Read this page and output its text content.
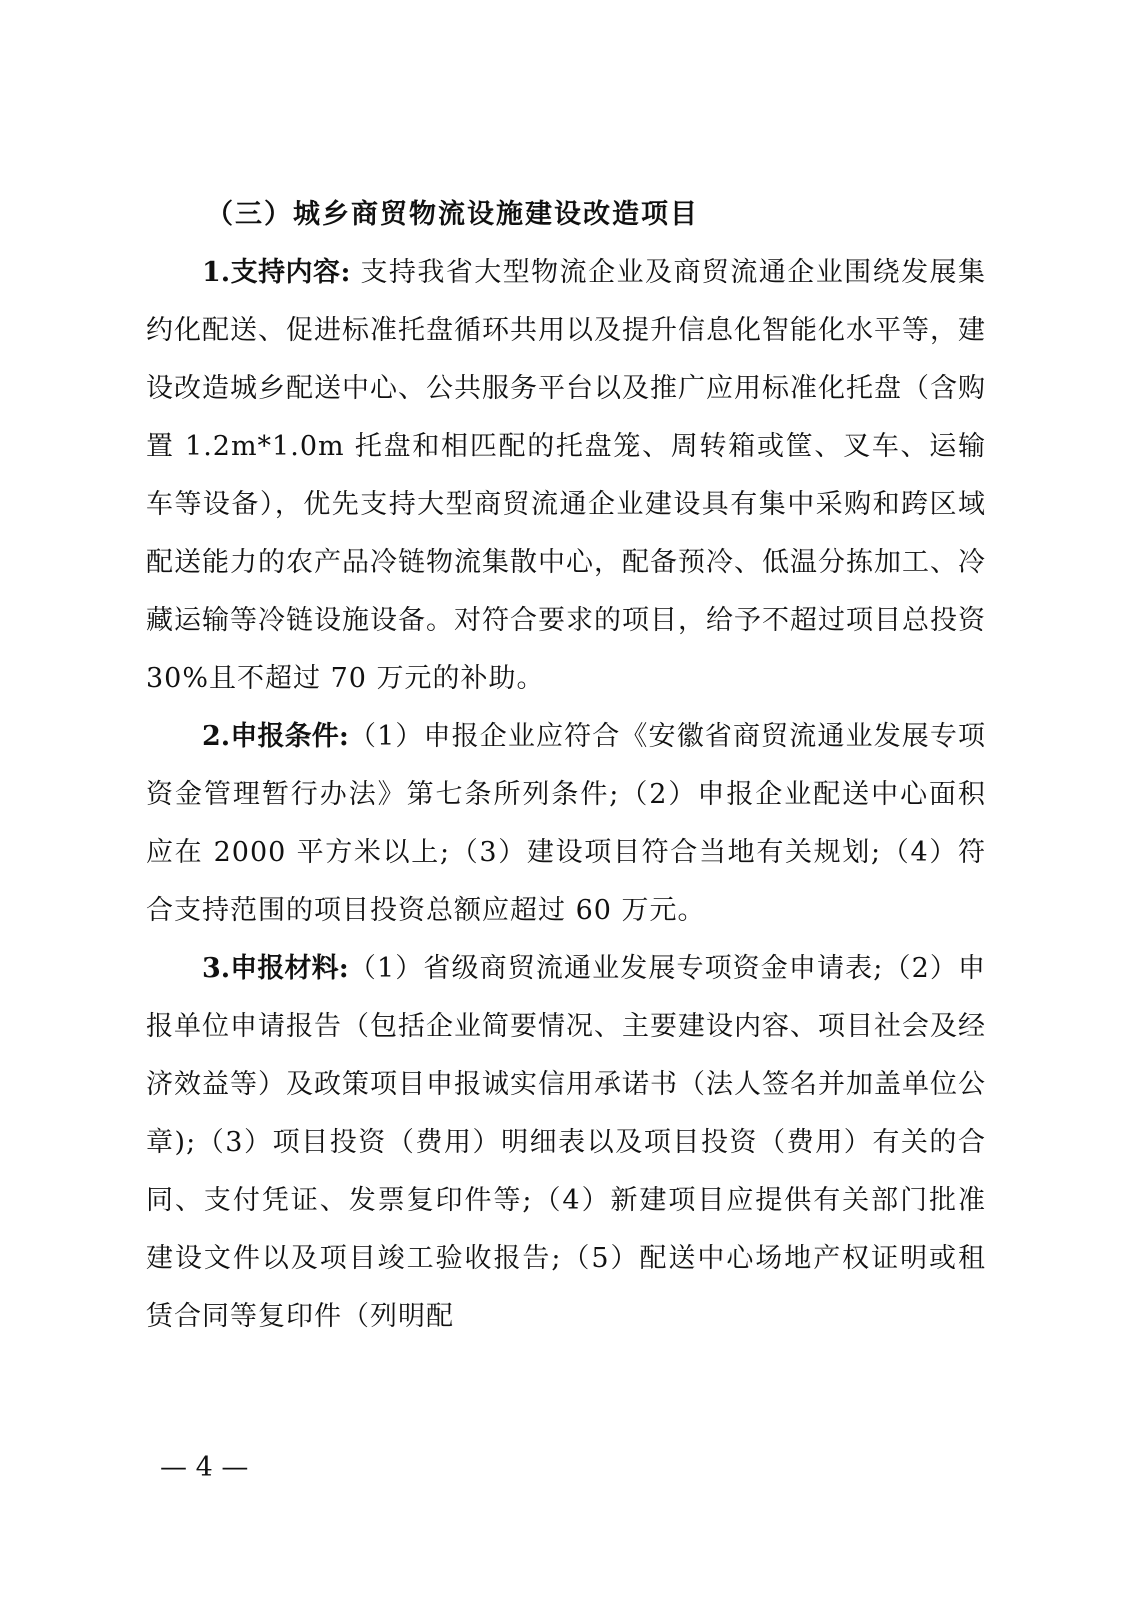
（三）城乡商贸物流设施建设改造项目

1.支持内容: 支持我省大型物流企业及商贸流通企业围绕发展集约化配送、促进标准托盘循环共用以及提升信息化智能化水平等，建设改造城乡配送中心、公共服务平台以及推广应用标准化托盘（含购置 1.2m*1.0m 托盘和相匹配的托盘笼、周转箱或筐、叉车、运输车等设备），优先支持大型商贸流通企业建设具有集中采购和跨区域配送能力的农产品冷链物流集散中心，配备预冷、低温分拣加工、冷藏运输等冷链设施设备。对符合要求的项目，给予不超过项目总投资 30%且不超过 70 万元的补助。

2.申报条件:（1）申报企业应符合《安徽省商贸流通业发展专项资金管理暂行办法》第七条所列条件;（2）申报企业配送中心面积应在 2000 平方米以上;（3）建设项目符合当地有关规划;（4）符合支持范围的项目投资总额应超过 60 万元。

3.申报材料:（1）省级商贸流通业发展专项资金申请表;（2）申报单位申请报告（包括企业简要情况、主要建设内容、项目社会及经济效益等）及政策项目申报诚实信用承诺书（法人签名并加盖单位公章);（3）项目投资（费用）明细表以及项目投资（费用）有关的合同、支付凭证、发票复印件等;（4）新建项目应提供有关部门批准建设文件以及项目竣工验收报告;（5）配送中心场地产权证明或租赁合同等复印件（列明配

— 4 —
